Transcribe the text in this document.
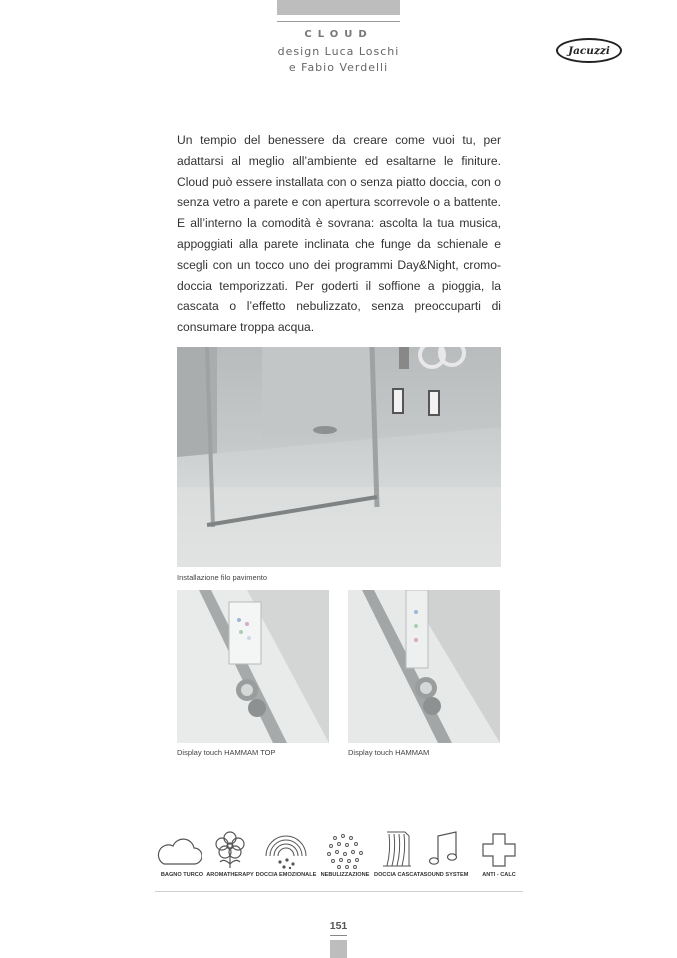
CLOUD
design Luca Loschi
e Fabio Verdelli
Jacuzzi

Un tempio del benessere da creare come vuoi tu, per adattarsi al meglio all’ambiente ed esaltarne le finiture. Cloud può essere installata con o senza piatto doccia, con o senza vetro a parete e con apertura scorrevole o a battente. E all’interno la comodità è sovrana: ascolta la tua musica, appoggiati alla parete inclinata che funge da schienale e scegli con un tocco uno dei programmi Day&Night, cromo-doccia temporizzati. Per goderti il soffione a pioggia, la cascata o l’effetto nebulizzato, senza preoccuparti di consumare troppa acqua.

Installazione filo pavimento
Display touch HAMMAM TOP	Display touch HAMMAM
BAGNO TURCO AROMATHERAPY DOCCIA EMOZIONALE NEBULIZZAZIONE DOCCIA CASCATA SOUND SYSTEM	ANTI - CALC
151
